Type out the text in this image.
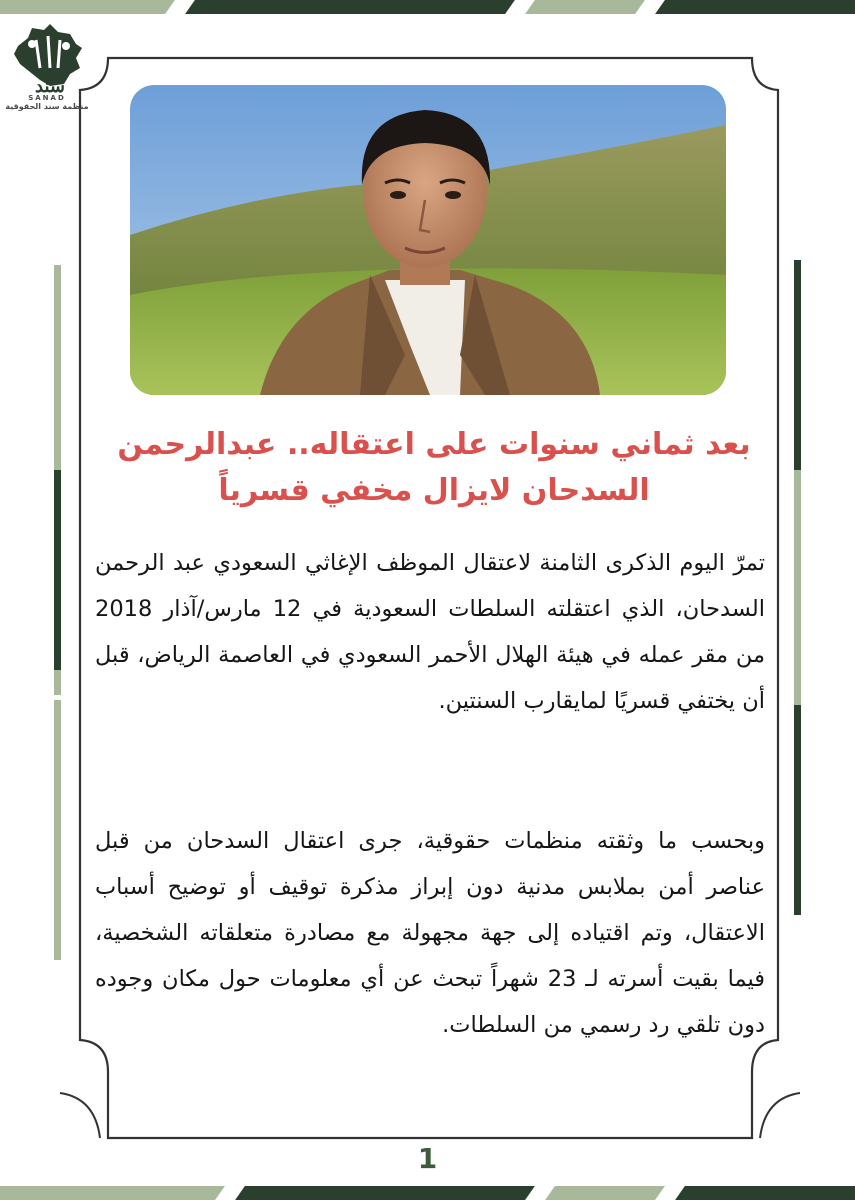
سند
SANAD
منظمة سند الحقوقية
بعد ثماني سنوات على اعتقاله.. عبدالرحمن السدحان لايزال مخفي قسرياً

تمرّ اليوم الذكرى الثامنة لاعتقال الموظف الإغاثي السعودي عبد الرحمن السدحان، الذي اعتقلته السلطات السعودية في 12 مارس/آذار 2018 من مقر عمله في هيئة الهلال الأحمر السعودي في العاصمة الرياض، قبل أن يختفي قسريًا لمايقارب السنتين.

وبحسب ما وثقته منظمات حقوقية، جرى اعتقال السدحان من قبل عناصر أمن بملابس مدنية دون إبراز مذكرة توقيف أو توضيح أسباب الاعتقال، وتم اقتياده إلى جهة مجهولة مع مصادرة متعلقاته الشخصية، فيما بقيت أسرته لـ 23 شهراً تبحث عن أي معلومات حول مكان وجوده دون تلقي رد رسمي من السلطات.

1
